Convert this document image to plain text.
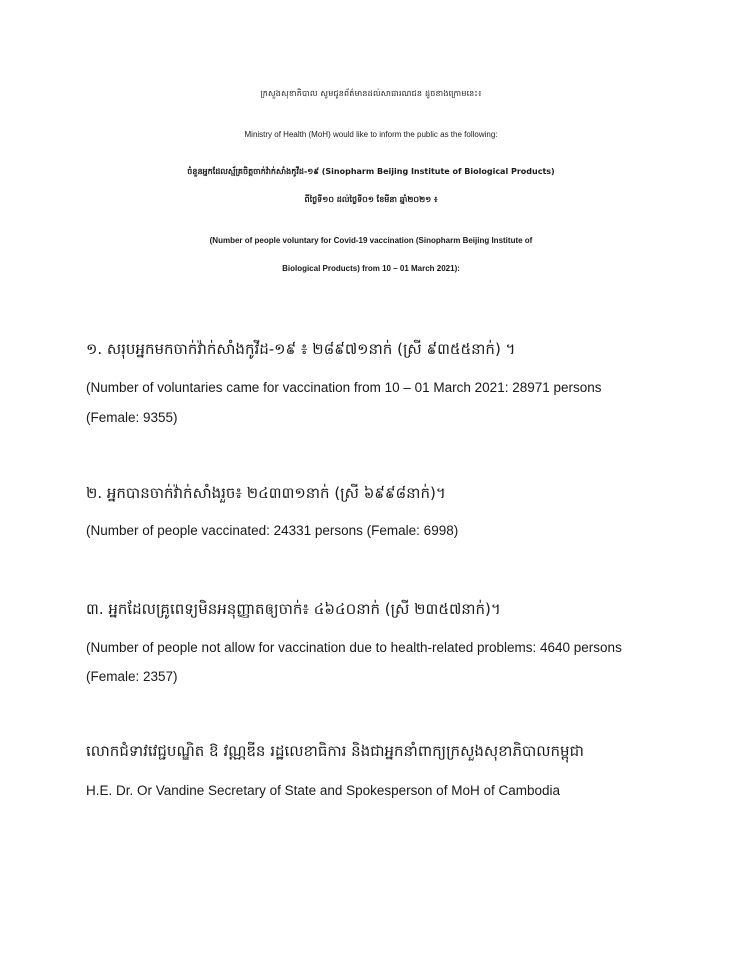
ក្រសួងសុខាភិបាល សូមជូនព័ត៌មានដល់សាធារណជន ដូចខាងក្រោមនេះ៖
Ministry of Health (MoH) would like to inform the public as the following:
ចំនួនអ្នកដែលស្ម័គ្រចិត្តចាក់វ៉ាក់សាំងកូវីដ-១៩ (Sinopharm Beijing Institute of Biological Products)
ពីថ្ងៃទី១០ ដល់ថ្ងៃទី០១ ខែមីនា ឆ្នាំ២០២១ ៖
(Number of people voluntary for Covid-19 vaccination (Sinopharm Beijing Institute of
Biological Products) from 10 – 01 March 2021):
១. សរុបអ្នកមកចាក់វ៉ាក់សាំងកូវីដ-១៩ ៖ ២៨៩៧១នាក់ (ស្រី ៩៣៥៥នាក់) ។
(Number of voluntaries came for vaccination from 10 – 01 March 2021: 28971 persons
(Female: 9355)
២. អ្នកបានចាក់វ៉ាក់សាំងរួច៖ ២៤៣៣១នាក់ (ស្រី ៦៩៩៨នាក់)។
(Number of people vaccinated: 24331 persons (Female: 6998)
៣. អ្នកដែលគ្រូពេទ្យមិនអនុញ្ញាតឲ្យចាក់៖ ៤៦៤០នាក់ (ស្រី ២៣៥៧នាក់)។
(Number of people not allow for vaccination due to health-related problems: 4640 persons
(Female: 2357)
លោកជំទាវវេជ្ជបណ្ឌិត ឱ វណ្ណឌីន រដ្ឋលេខាធិការ និងជាអ្នកនាំពាក្យក្រសួងសុខាភិបាលកម្ពុជា
H.E. Dr. Or Vandine Secretary of State and Spokesperson of MoH of Cambodia
